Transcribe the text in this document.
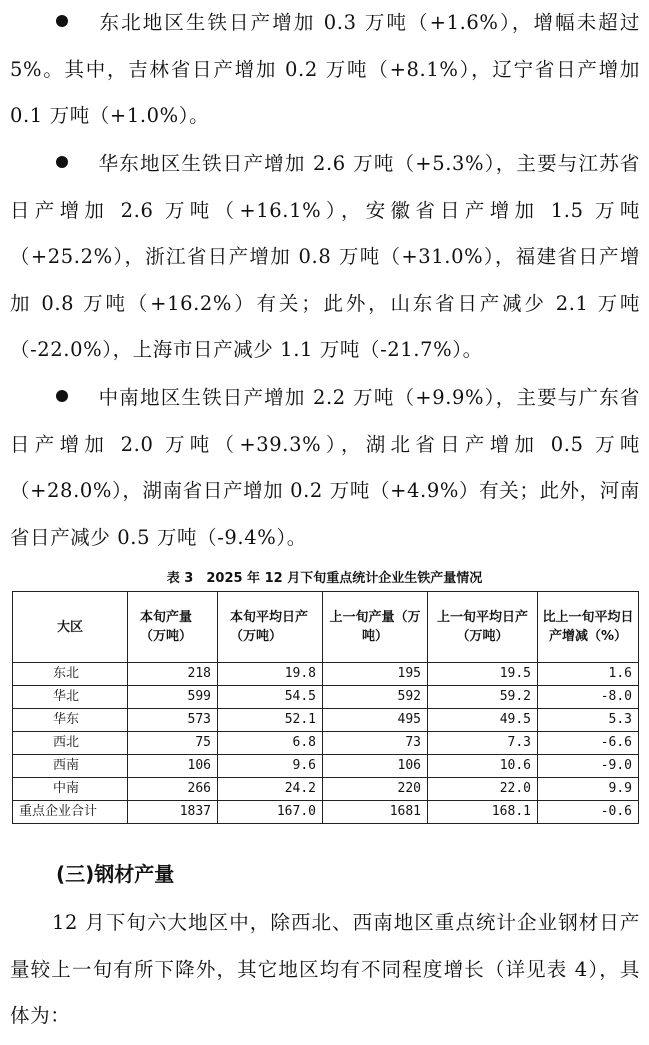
东北地区生铁日产增加 0.3 万吨（+1.6%），增幅未超过 5%。其中，吉林省日产增加 0.2 万吨（+8.1%），辽宁省日产增加 0.1 万吨（+1.0%）。

华东地区生铁日产增加 2.6 万吨（+5.3%），主要与江苏省日产增加 2.6 万吨（+16.1%），安徽省日产增加 1.5 万吨（+25.2%），浙江省日产增加 0.8 万吨（+31.0%），福建省日产增加 0.8 万吨（+16.2%）有关；此外，山东省日产减少 2.1 万吨（-22.0%），上海市日产减少 1.1 万吨（-21.7%）。

中南地区生铁日产增加 2.2 万吨（+9.9%），主要与广东省日产增加 2.0 万吨（+39.3%），湖北省日产增加 0.5 万吨（+28.0%），湖南省日产增加 0.2 万吨（+4.9%）有关；此外，河南省日产减少 0.5 万吨（-9.4%）。

表 3　2025 年 12 月下旬重点统计企业生铁产量情况
大区	本旬产量（万吨）	本旬平均日产（万吨）	上一旬产量（万吨）	上一旬平均日产（万吨）	比上一旬平均日产增减（%）
东北	218	19.8	195	19.5	1.6
华北	599	54.5	592	59.2	-8.0
华东	573	52.1	495	49.5	5.3
西北	75	6.8	73	7.3	-6.6
西南	106	9.6	106	10.6	-9.0
中南	266	24.2	220	22.0	9.9
重点企业合计	1837	167.0	1681	168.1	-0.6
(三)钢材产量

12 月下旬六大地区中，除西北、西南地区重点统计企业钢材日产量较上一旬有所下降外，其它地区均有不同程度增长（详见表 4），具体为：
